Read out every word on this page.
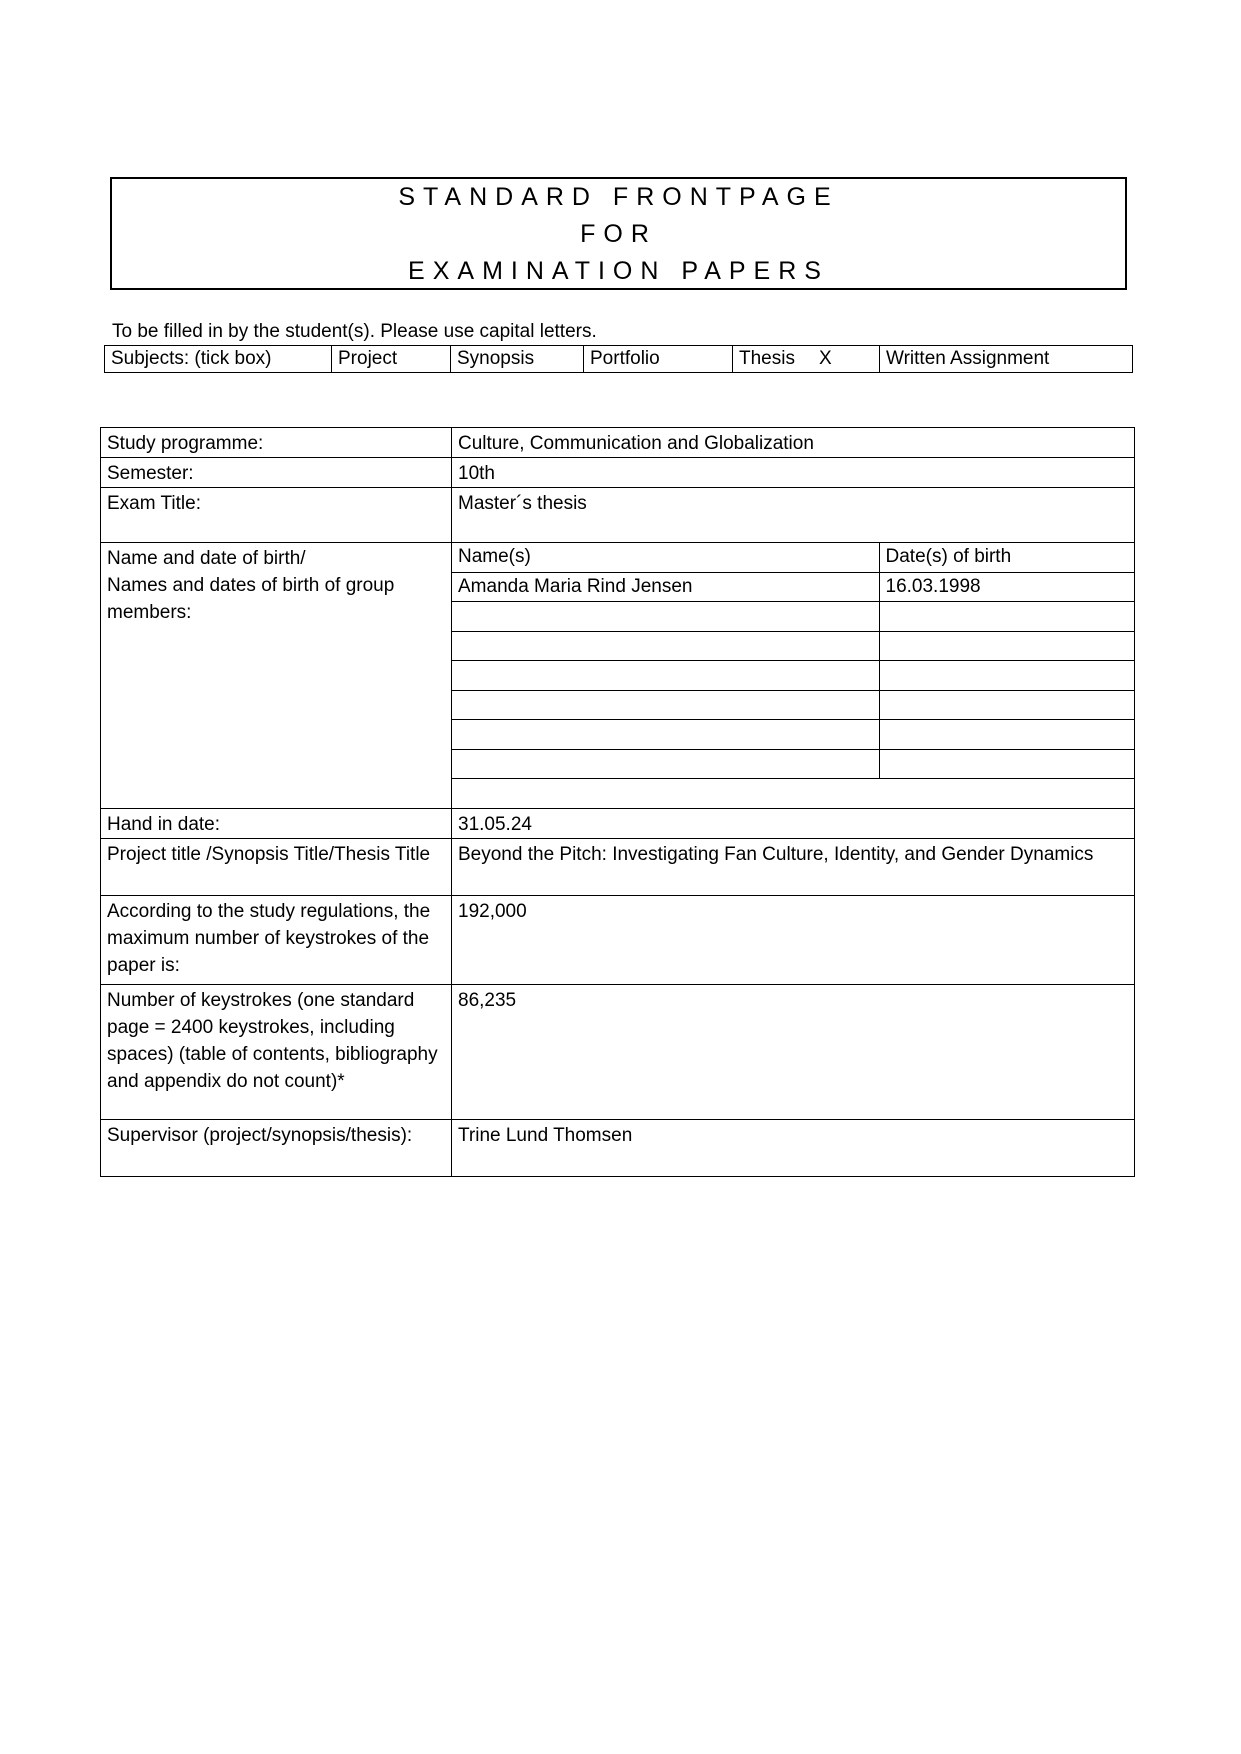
STANDARD FRONTPAGE

FOR

EXAMINATION PAPERS

To be filled in by the student(s). Please use capital letters.
Subjects: (tick box)	Project	Synopsis	Portfolio	Thesis X	Written Assignment
Study programme:	Culture, Communication and Globalization
Semester:	10th
Exam Title:	Master´s thesis

Name and date of birth/
Names and dates of birth of group members:

Name(s)	Date(s) of birth
Amanda Maria Rind Jensen	16.03.1998

Hand in date:	31.05.24
Project title /Synopsis Title/Thesis Title	Beyond the Pitch: Investigating Fan Culture, Identity, and Gender Dynamics
According to the study regulations, the maximum number of keystrokes of the paper is:	192,000
Number of keystrokes (one standard page = 2400 keystrokes, including spaces) (table of contents, bibliography and appendix do not count)*	86,235
Supervisor (project/synopsis/thesis):	Trine Lund Thomsen
